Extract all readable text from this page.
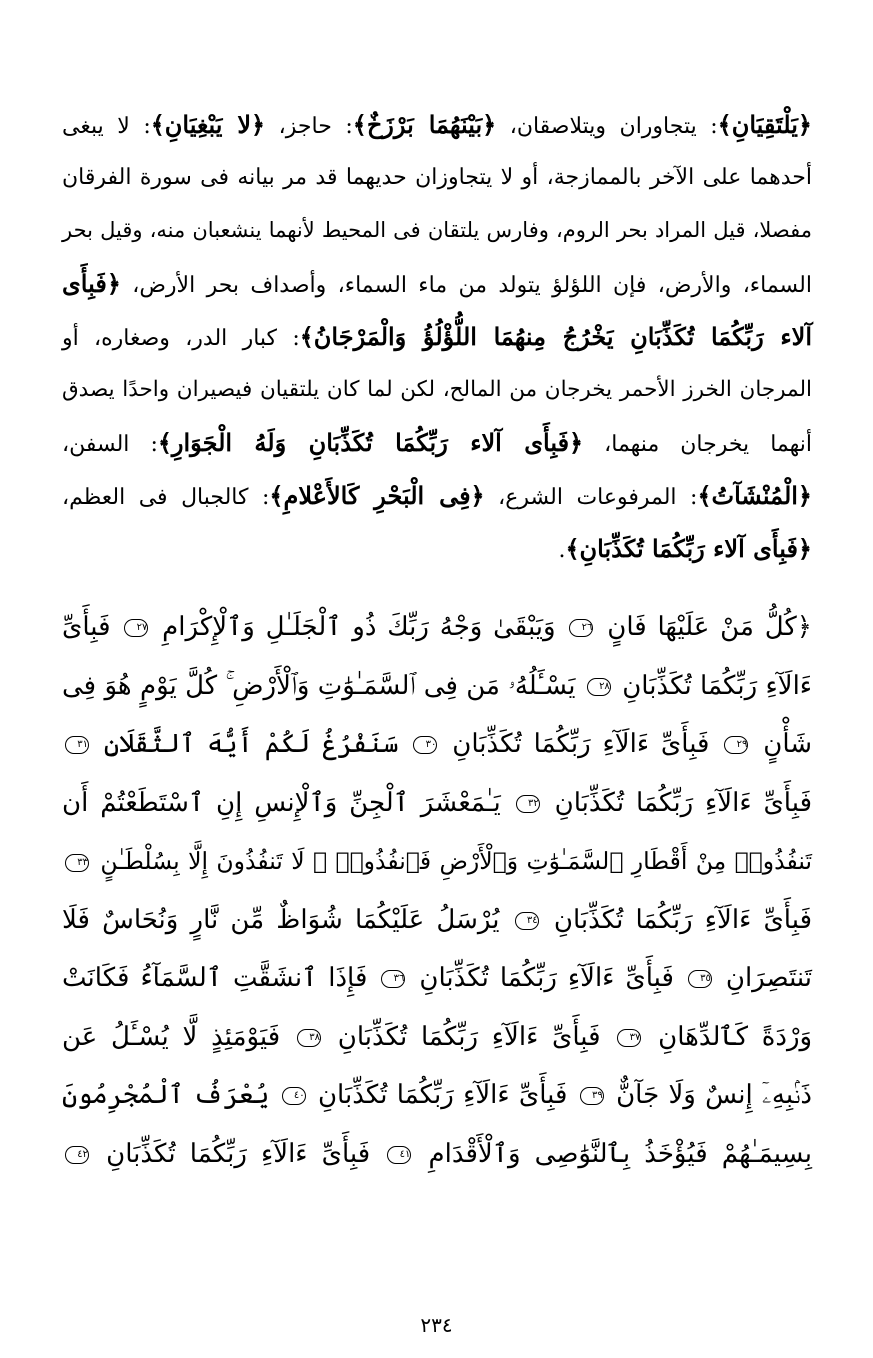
﴿يَلْتَقِيَانِ﴾: يتجاوران ويتلاصقان، ﴿بَيْنَهُمَا بَرْزَخٌ﴾: حاجز، ﴿لا يَبْغِيَانِ﴾: لا يبغى
أحدهما على الآخر بالممازجة، أو لا يتجاوزان حديهما قد مر بيانه فى سورة الفرقان
مفصلا، قيل المراد بحر الروم، وفارس يلتقان فى المحيط لأنهما ينشعبان منه، وقيل بحر
السماء، والأرض، فإن اللؤلؤ يتولد من ماء السماء، وأصداف بحر الأرض، ﴿فَبِأَى
آلاء رَبِّكُمَا تُكَذِّبَانِ يَخْرُجُ مِنهُمَا اللُّؤْلُؤُ وَالْمَرْجَانُ﴾: كبار الدر، وصغاره، أو
المرجان الخرز الأحمر يخرجان من المالح، لكن لما كان يلتقيان فيصيران واحدًا يصدق
أنهما يخرجان منهما، ﴿فَبِأَى آلاء رَبِّكُمَا تُكَذِّبَانِ وَلَهُ الْجَوَارِ﴾: السفن،
﴿الْمُنْشَآتُ﴾: المرفوعات الشرع، ﴿فِى الْبَحْرِ كَالأَعْلامِ﴾: كالجبال فى العظم،
﴿فَبِأَى آلاء رَبِّكُمَا تُكَذِّبَانِ﴾.
﴿كُلُّ مَنْ عَلَيْهَا فَانٍ ٢٦ وَيَبْقَىٰ وَجْهُ رَبِّكَ ذُو ٱلْجَلَـٰلِ وَٱلْإِكْرَامِ ٢٧ فَبِأَىِّ
ءَالَآءِ رَبِّكُمَا تُكَذِّبَانِ ٢٨ يَسْـَٔلُهُۥ مَن فِى ٱلسَّمَـٰوَٰتِ وَٱلْأَرْضِ ۚ كُلَّ يَوْمٍ هُوَ فِى
شَأْنٍ ٢٩ فَبِأَىِّ ءَالَآءِ رَبِّكُمَا تُكَذِّبَانِ ٣٠ سَنَفْرُغُ لَكُمْ أَيُّهَ ٱلثَّقَلَانِ ٣١
فَبِأَىِّ ءَالَآءِ رَبِّكُمَا تُكَذِّبَانِ ٣٢ يَـٰمَعْشَرَ ٱلْجِنِّ وَٱلْإِنسِ إِنِ ٱسْتَطَعْتُمْ أَن
تَنفُذُوا۟ مِنْ أَقْطَارِ ٱلسَّمَـٰوَٰتِ وَٱلْأَرْضِ فَٱنفُذُوا۟ ۚ لَا تَنفُذُونَ إِلَّا بِسُلْطَـٰنٍ ٣٣
فَبِأَىِّ ءَالَآءِ رَبِّكُمَا تُكَذِّبَانِ ٣٤ يُرْسَلُ عَلَيْكُمَا شُوَاظٌ مِّن نَّارٍ وَنُحَاسٌ فَلَا
تَنتَصِرَانِ ٣٥ فَبِأَىِّ ءَالَآءِ رَبِّكُمَا تُكَذِّبَانِ ٣٦ فَإِذَا ٱنشَقَّتِ ٱلسَّمَآءُ فَكَانَتْ
وَرْدَةً كَٱلدِّهَانِ ٣٧ فَبِأَىِّ ءَالَآءِ رَبِّكُمَا تُكَذِّبَانِ ٣٨ فَيَوْمَئِذٍ لَّا يُسْـَٔلُ عَن
ذَنۢبِهِۦٓ إِنسٌ وَلَا جَآنٌّ ٣٩ فَبِأَىِّ ءَالَآءِ رَبِّكُمَا تُكَذِّبَانِ ٤٠ يُعْرَفُ ٱلْمُجْرِمُونَ
بِسِيمَـٰهُمْ فَيُؤْخَذُ بِٱلنَّوَٰصِى وَٱلْأَقْدَامِ ٤١ فَبِأَىِّ ءَالَآءِ رَبِّكُمَا تُكَذِّبَانِ ٤٢
٢٣٤
